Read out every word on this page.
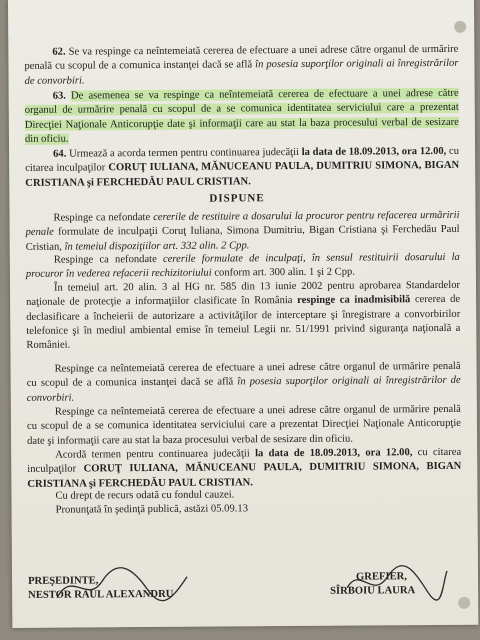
62. Se va respinge ca neîntemeiată cererea de efectuare a unei adrese către organul de urmărire penală cu scopul de a comunica instanţei dacă se află în posesia suporţilor originali ai înregistrărilor de convorbiri.
63. De asemenea se va respinge ca neîntemeiată cererea de efectuare a unei adrese către organul de urmărire penală cu scopul de a se comunica identitatea serviciului care a prezentat Direcţiei Naţionale Anticorupţie date şi informaţii care au stat la baza procesului verbal de sesizare din oficiu.
64. Urmează a acorda termen pentru continuarea judecăţii la data de 18.09.2013, ora 12.00, cu citarea inculpaţilor CORUŢ IULIANA, MĂNUCEANU PAULA, DUMITRIU SIMONA, BIGAN CRISTIANA şi FERCHEDĂU PAUL CRISTIAN.
DISPUNE
Respinge ca nefondate cererile de restituire a dosarului la procuror pentru refacerea urmăririi penale formulate de inculpaţii Coruţ Iuliana, Simona Dumitriu, Bigan Cristiana şi Ferchedău Paul Cristian, în temeiul dispoziţiilor art. 332 alin. 2 Cpp.
Respinge ca nefondate cererile formulate de inculpaţi, în sensul restituirii dosarului la procuror în vederea refacerii rechizitoriului conform art. 300 alin. 1 şi 2 Cpp.
În temeiul art. 20 alin. 3 al HG nr. 585 din 13 iunie 2002 pentru aprobarea Standardelor naţionale de protecţie a informaţiilor clasificate în România respinge ca inadmisibilă cererea de declasificare a încheierii de autorizare a activităţilor de interceptare şi înregistrare a convorbirilor telefonice şi în mediul ambiental emise în temeiul Legii nr. 51/1991 privind siguranţa naţională a României.
Respinge ca neîntemeiată cererea de efectuare a unei adrese către organul de urmărire penală cu scopul de a comunica instanţei dacă se află în posesia suporţilor originali ai înregistrărilor de convorbiri.
Respinge ca neîntemeiată cererea de efectuare a unei adrese către organul de urmărire penală cu scopul de a se comunica identitatea serviciului care a prezentat Direcţiei Naţionale Anticorupţie date şi informaţii care au stat la baza procesului verbal de sesizare din oficiu.
Acordă termen pentru continuarea judecăţii la data de 18.09.2013, ora 12.00, cu citarea inculpaţilor CORUŢ IULIANA, MĂNUCEANU PAULA, DUMITRIU SIMONA, BIGAN CRISTIANA şi FERCHEDĂU PAUL CRISTIAN.
Cu drept de recurs odată cu fondul cauzei.
Pronunţată în şedinţă publică, astăzi 05.09.13
PREŞEDINTE,
NESTOR RAUL ALEXANDRU
GREFIER,
SÎRBOIU LAURA
